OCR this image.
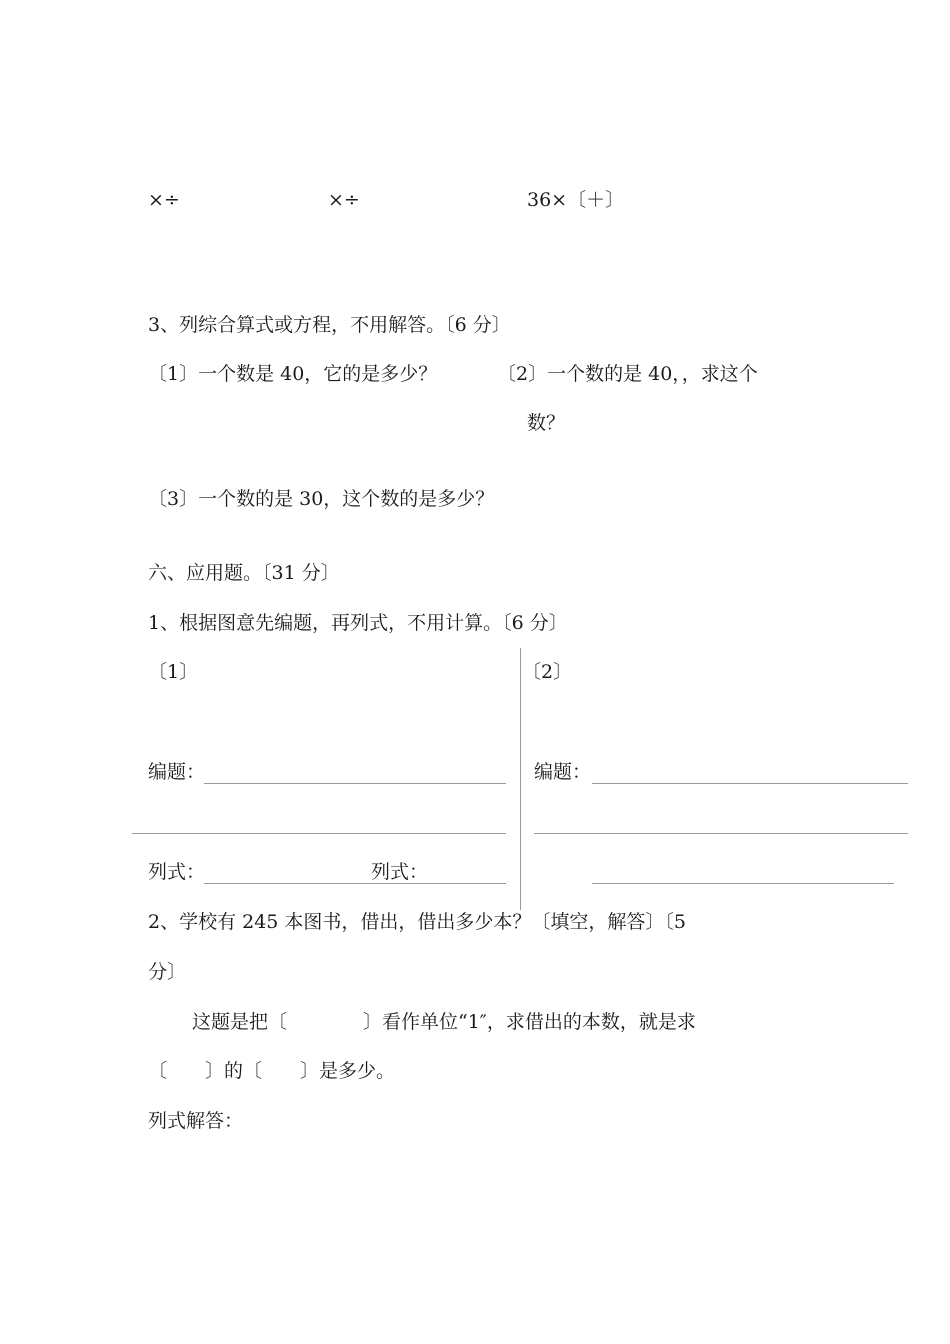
×÷	×÷	36×〔＋〕
3、列综合算式或方程，不用解答。〔6 分〕
〔1〕一个数是 40，它的是多少？	〔2〕一个数的是 40，，求这个
数？
〔3〕一个数的是 30，这个数的是多少？
六、应用题。〔31 分〕
1、根据图意先编题，再列式，不用计算。〔6 分〕
〔1〕	〔2〕
编题：	编题：
列式：	列式：
2、学校有 245 本图书，借出，借出多少本？〔填空，解答〕〔5
分〕
这题是把〔　　　　〕看作单位“1″，求借出的本数，就是求
〔　　〕的〔　　〕是多少。
列式解答：
